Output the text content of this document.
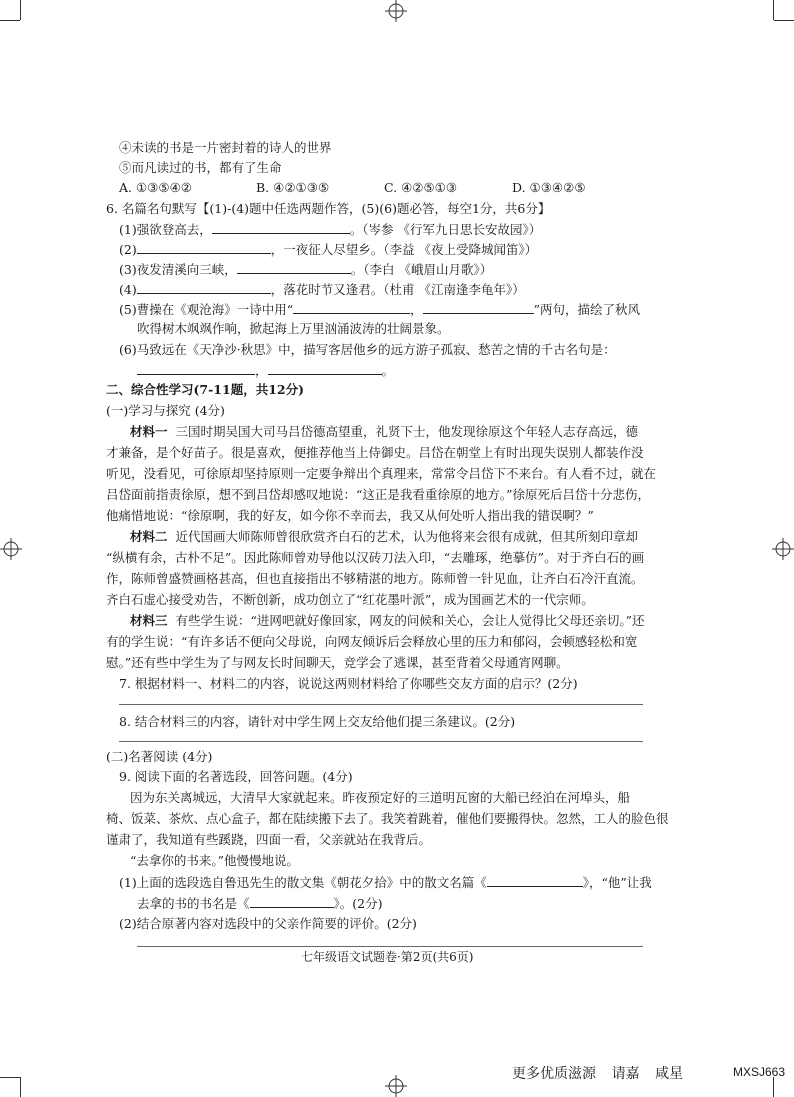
④未读的书是一片密封着的诗人的世界
⑤而凡读过的书，都有了生命
A. ①③⑤④②	B. ④②①③⑤	C. ④②⑤①③	D. ①③④②⑤
6. 名篇名句默写【(1)-(4)题中任选两题作答，(5)(6)题必答，每空1分，共6分】
(1)强欲登高去，	。（岑参 《行军九日思长安故园》）
(2)	，一夜征人尽望乡。（李益 《夜上受降城闻笛》）
(3)夜发清溪向三峡，	。（李白 《峨眉山月歌》）
(4)	，落花时节又逢君。（杜甫 《江南逢李龟年》）
(5)曹操在《观沧海》一诗中用“	，	”两句，描绘了秋风
吹得树木飒飒作响，掀起海上万里汹涌波涛的壮阔景象。
(6)马致远在《天净沙·秋思》中，描写客居他乡的远方游子孤寂、愁苦之情的千古名句是：
，	。
二、综合性学习(7-11题，共12分)
(一)学习与探究 (4分)
材料一 三国时期吴国大司马吕岱德高望重，礼贤下士，他发现徐原这个年轻人志存高远，德
才兼备，是个好苗子。很是喜欢，便推荐他当上侍御史。吕岱在朝堂上有时出现失误别人都装作没
听见，没看见，可徐原却坚持原则一定要争辩出个真理来，常常令吕岱下不来台。有人看不过，就在
吕岱面前指责徐原，想不到吕岱却感叹地说：“这正是我看重徐原的地方。”徐原死后吕岱十分悲伤，
他痛惜地说：“徐原啊，我的好友，如今你不幸而去，我又从何处听人指出我的错误啊？”
材料二 近代国画大师陈师曾很欣赏齐白石的艺术，认为他将来会很有成就，但其所刻印章却
“纵横有余，古朴不足”。因此陈师曾劝导他以汉砖刀法入印，“去雕琢，绝摹仿”。对于齐白石的画
作，陈师曾盛赞画格甚高，但也直接指出不够精湛的地方。陈师曾一针见血，让齐白石冷汗直流。
齐白石虚心接受劝告，不断创新，成功创立了“红花墨叶派”，成为国画艺术的一代宗师。
材料三 有些学生说：“进网吧就好像回家，网友的问候和关心，会让人觉得比父母还亲切。”还
有的学生说：“有许多话不便向父母说，向网友倾诉后会释放心里的压力和郁闷，会顿感轻松和宽
慰。”还有些中学生为了与网友长时间聊天，竞学会了逃课，甚至背着父母通宵网聊。
7. 根据材料一、材料二的内容，说说这两则材料给了你哪些交友方面的启示？(2分)
8. 结合材料三的内容，请针对中学生网上交友给他们提三条建议。(2分)
(二)名著阅读 (4分)
9. 阅读下面的名著选段，回答问题。(4分)
因为东关离城远，大清早大家就起来。昨夜预定好的三道明瓦窗的大船已经泊在河埠头，船
椅、饭菜、茶炊、点心盒子，都在陆续搬下去了。我笑着跳着，催他们要搬得快。忽然，工人的脸色很
谨肃了，我知道有些蹊跷，四面一看，父亲就站在我背后。
“去拿你的书来。”他慢慢地说。
(1)上面的选段选自鲁迅先生的散文集《朝花夕拾》中的散文名篇《	》，“他”让我
去拿的书的书名是《	》。(2分)
(2)结合原著内容对选段中的父亲作简要的评价。(2分)
七年级语文试题卷·第2页(共6页)
更多优质滋源 请嘉 咸星	MXSJ663
